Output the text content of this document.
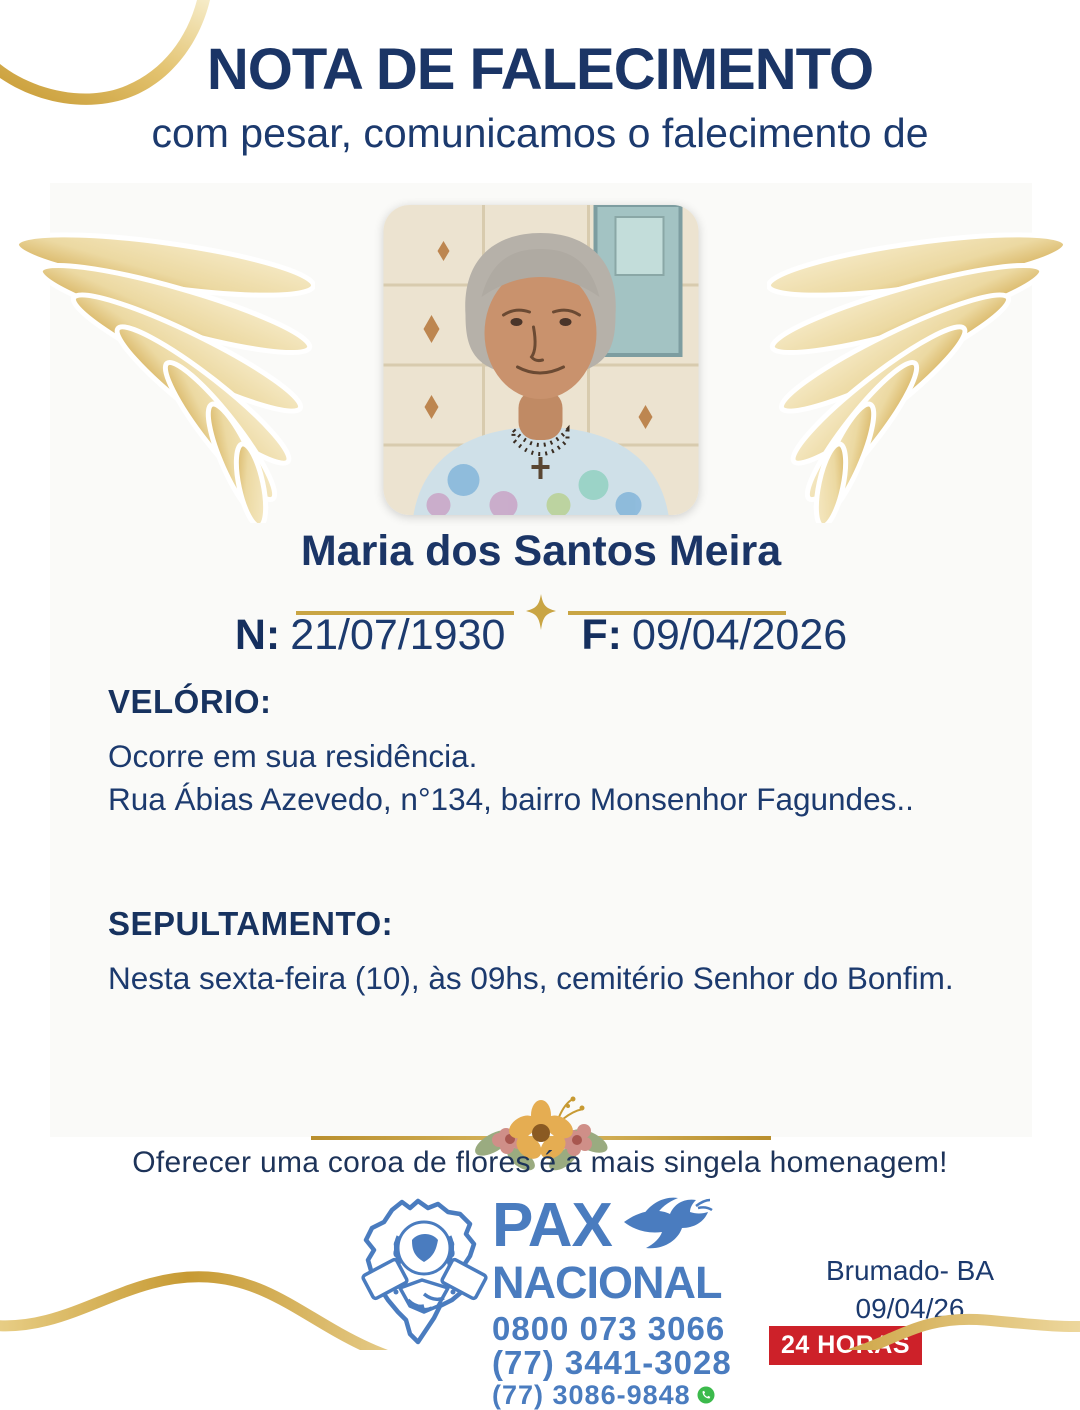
NOTA DE FALECIMENTO
com pesar, comunicamos o falecimento de
Maria dos Santos Meira
N: 21/07/1930 F: 09/04/2026
VELÓRIO:
Ocorre em sua residência.
Rua Ábias Azevedo, n°134, bairro Monsenhor Fagundes..
SEPULTAMENTO:
Nesta sexta-feira (10), às 09hs, cemitério Senhor do Bonfim.
Oferecer uma coroa de flores é a mais singela homenagem!
PAX
NACIONAL
0800 073 3066
(77) 3441-3028
(77) 3086-9848
24 HORAS
Brumado- BA
09/04/26
